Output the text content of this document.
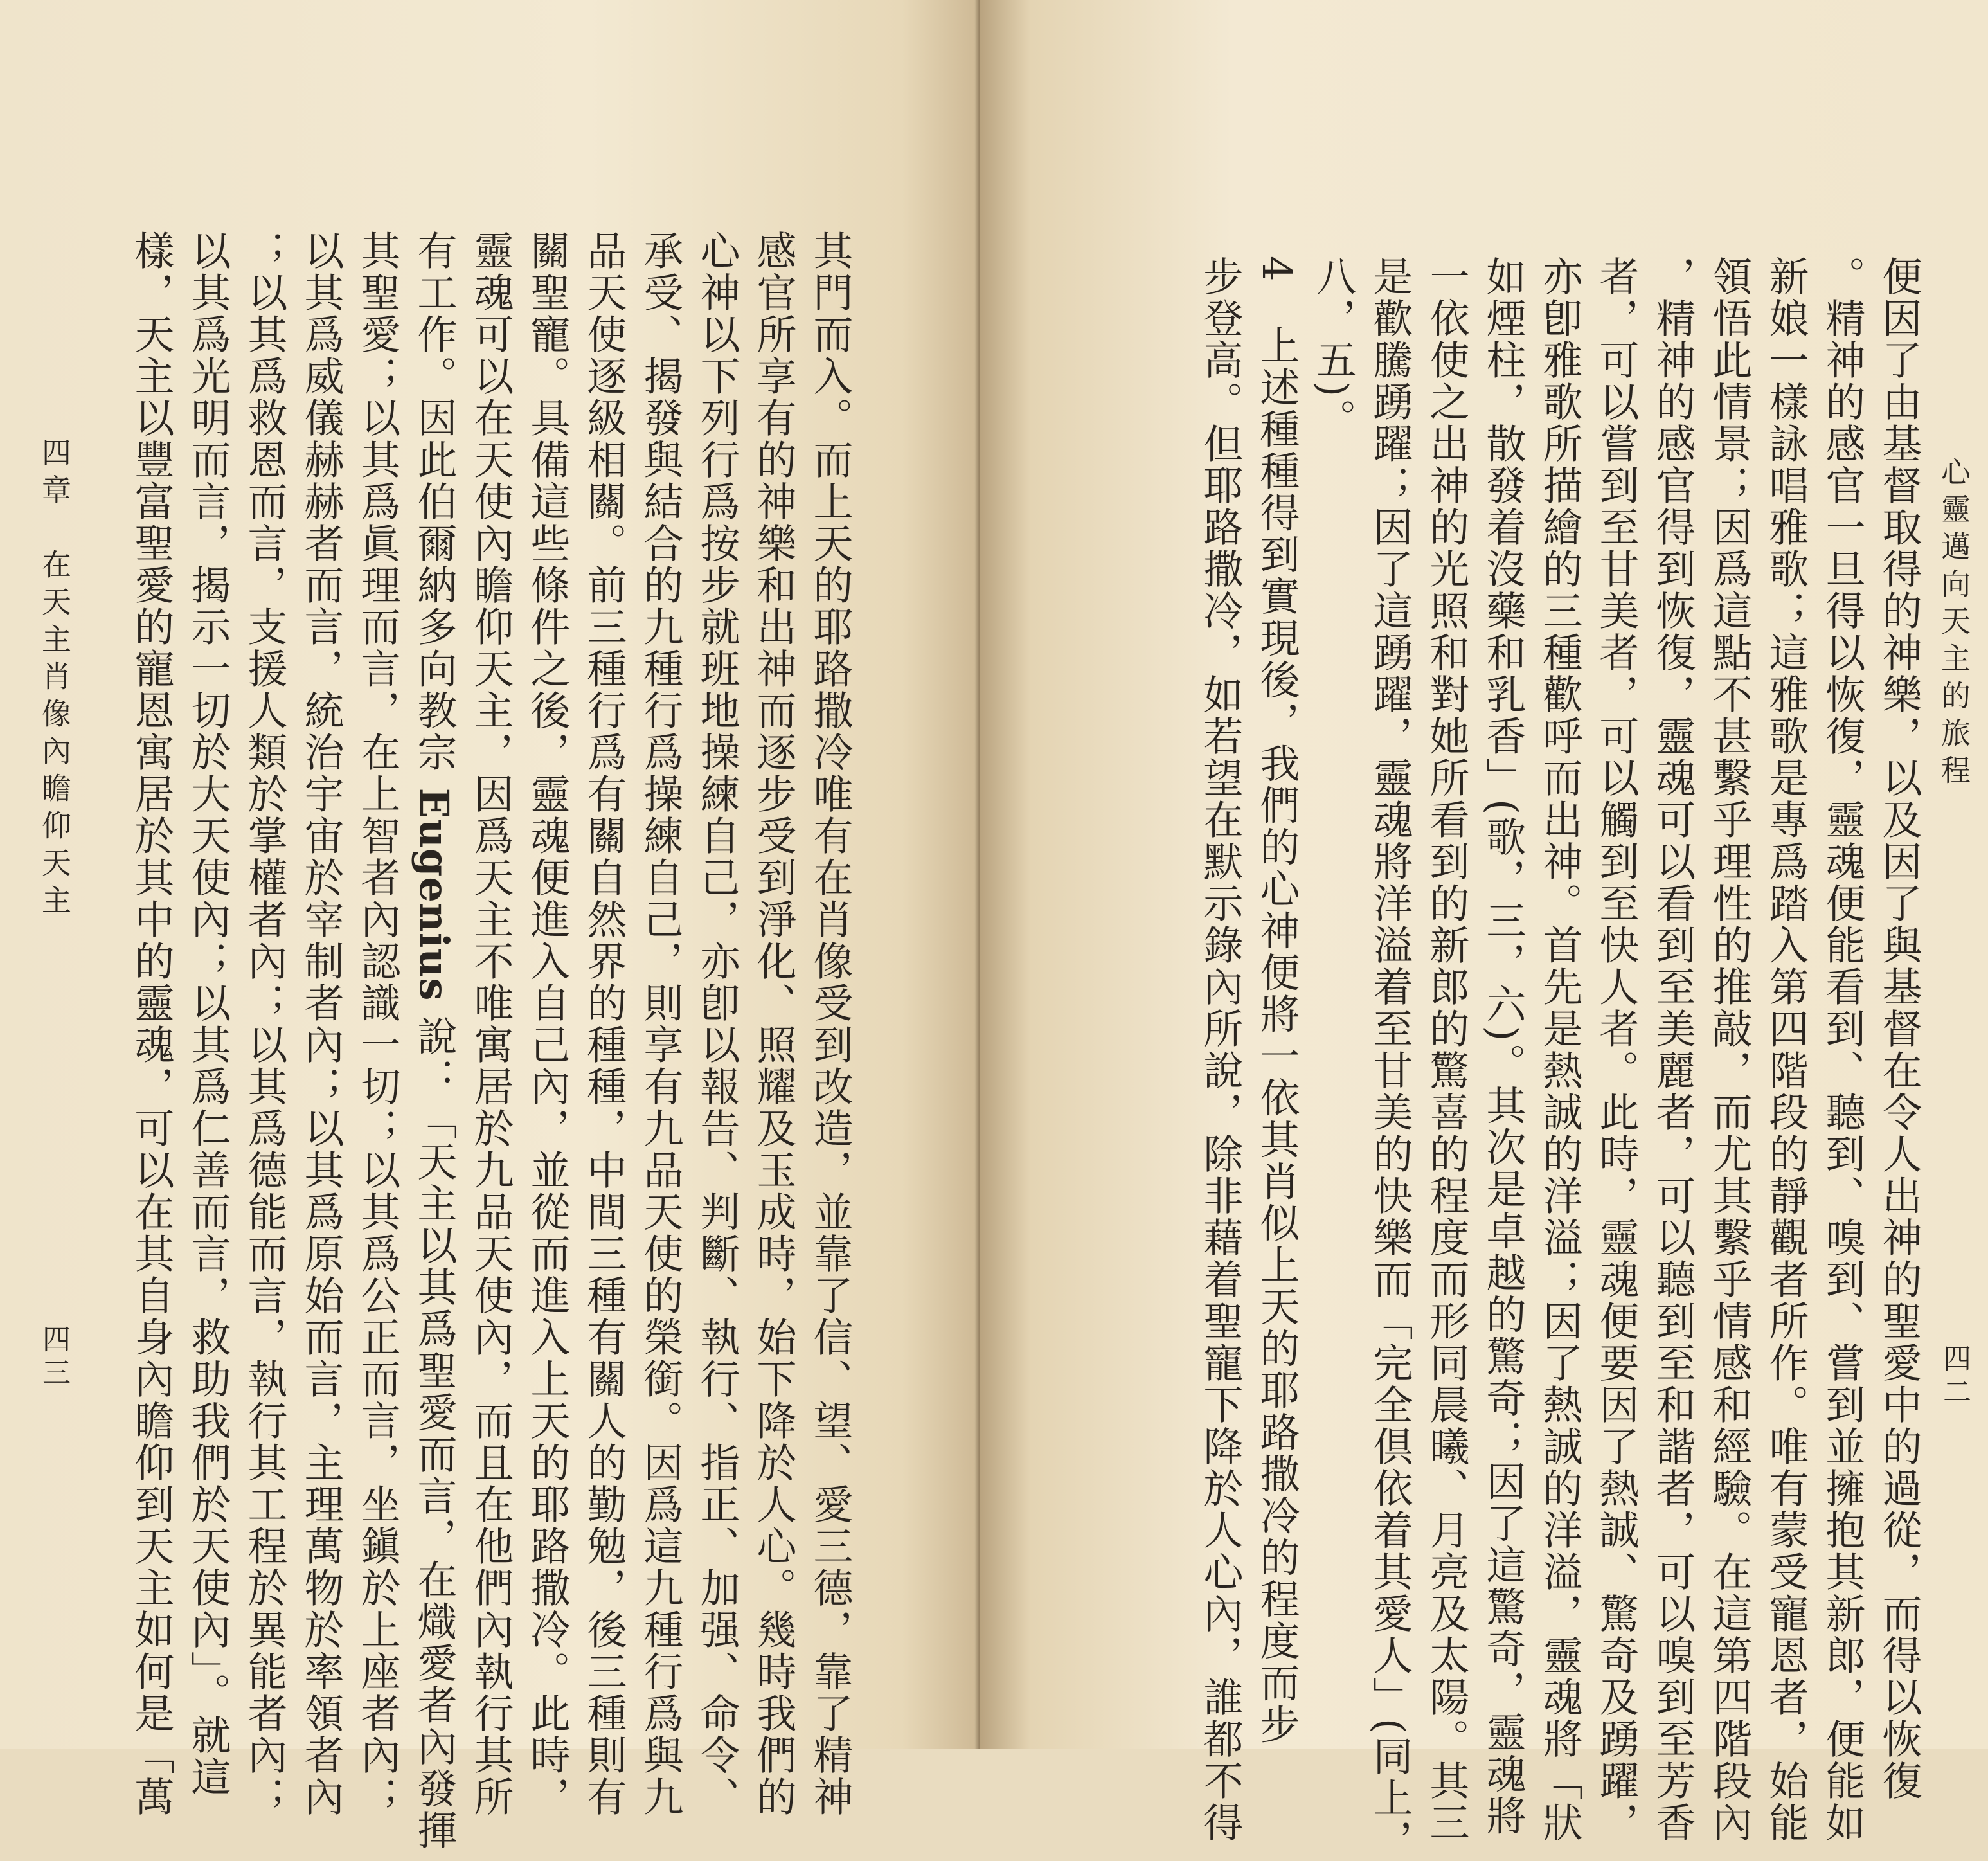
四章　在天主肖像內瞻仰天主
四三	其門而入。而上天的耶路撒冷唯有在肖像受到改造，並靠了信、望、愛三德，靠了精神
感官所享有的神樂和出神而逐步受到淨化、照耀及玉成時，始下降於人心。幾時我們的
心神以下列行爲按步就班地操練自己，亦卽以報告、判斷、執行、指正、加强、命令、
承受、揭發與結合的九種行爲操練自己，則享有九品天使的榮銜。因爲這九種行爲與九
品天使逐級相關。前三種行爲有關自然界的種種，中間三種有關人的勤勉，後三種則有
關聖寵。具備這些條件之後，靈魂便進入自己內，並從而進入上天的耶路撒冷。此時，
靈魂可以在天使內瞻仰天主，因爲天主不唯寓居於九品天使內，而且在他們內執行其所
有工作。因此伯爾納多向教宗 Eugenius 說：「天主以其爲聖愛而言，在熾愛者內發揮
其聖愛；以其爲眞理而言，在上智者內認識一切；以其爲公正而言，坐鎭於上座者內；
以其爲威儀赫赫者而言，統治宇宙於宰制者內；以其爲原始而言，主理萬物於率領者內
；以其爲救恩而言，支援人類於掌權者內；以其爲德能而言，執行其工程於異能者內；
以其爲光明而言，揭示一切於大天使內；以其爲仁善而言，救助我們於天使內」。就這
樣，天主以豐富聖愛的寵恩寓居於其中的靈魂，可以在其自身內瞻仰到天主如何是「萬	心靈邁向天主的旅程
四二
便因了由基督取得的神樂，以及因了與基督在令人出神的聖愛中的過從，而得以恢復
。精神的感官一旦得以恢復，靈魂便能看到、聽到、嗅到、嘗到並擁抱其新郎，便能如
新娘一樣詠唱雅歌；這雅歌是專爲踏入第四階段的靜觀者所作。唯有蒙受寵恩者，始能
領悟此情景；因爲這點不甚繫乎理性的推敲，而尤其繫乎情感和經驗。在這第四階段內
，精神的感官得到恢復，靈魂可以看到至美麗者，可以聽到至和諧者，可以嗅到至芳香
者，可以嘗到至甘美者，可以觸到至快人者。此時，靈魂便要因了熱誠、驚奇及踴躍，
亦卽雅歌所描繪的三種歡呼而出神。首先是熱誠的洋溢；因了熱誠的洋溢，靈魂將「狀
如煙柱，散發着沒藥和乳香」(歌，三，六)。其次是卓越的驚奇；因了這驚奇，靈魂將
一依使之出神的光照和對她所看到的新郎的驚喜的程度而形同晨曦、月亮及太陽。其三
是歡騰踴躍；因了這踴躍，靈魂將洋溢着至甘美的快樂而「完全倶依着其愛人」(同上，
八，五)。
4　上述種種得到實現後，我們的心神便將一依其肖似上天的耶路撒冷的程度而步
步登高。但耶路撒冷，如若望在默示錄內所說，除非藉着聖寵下降於人心內，誰都不得
